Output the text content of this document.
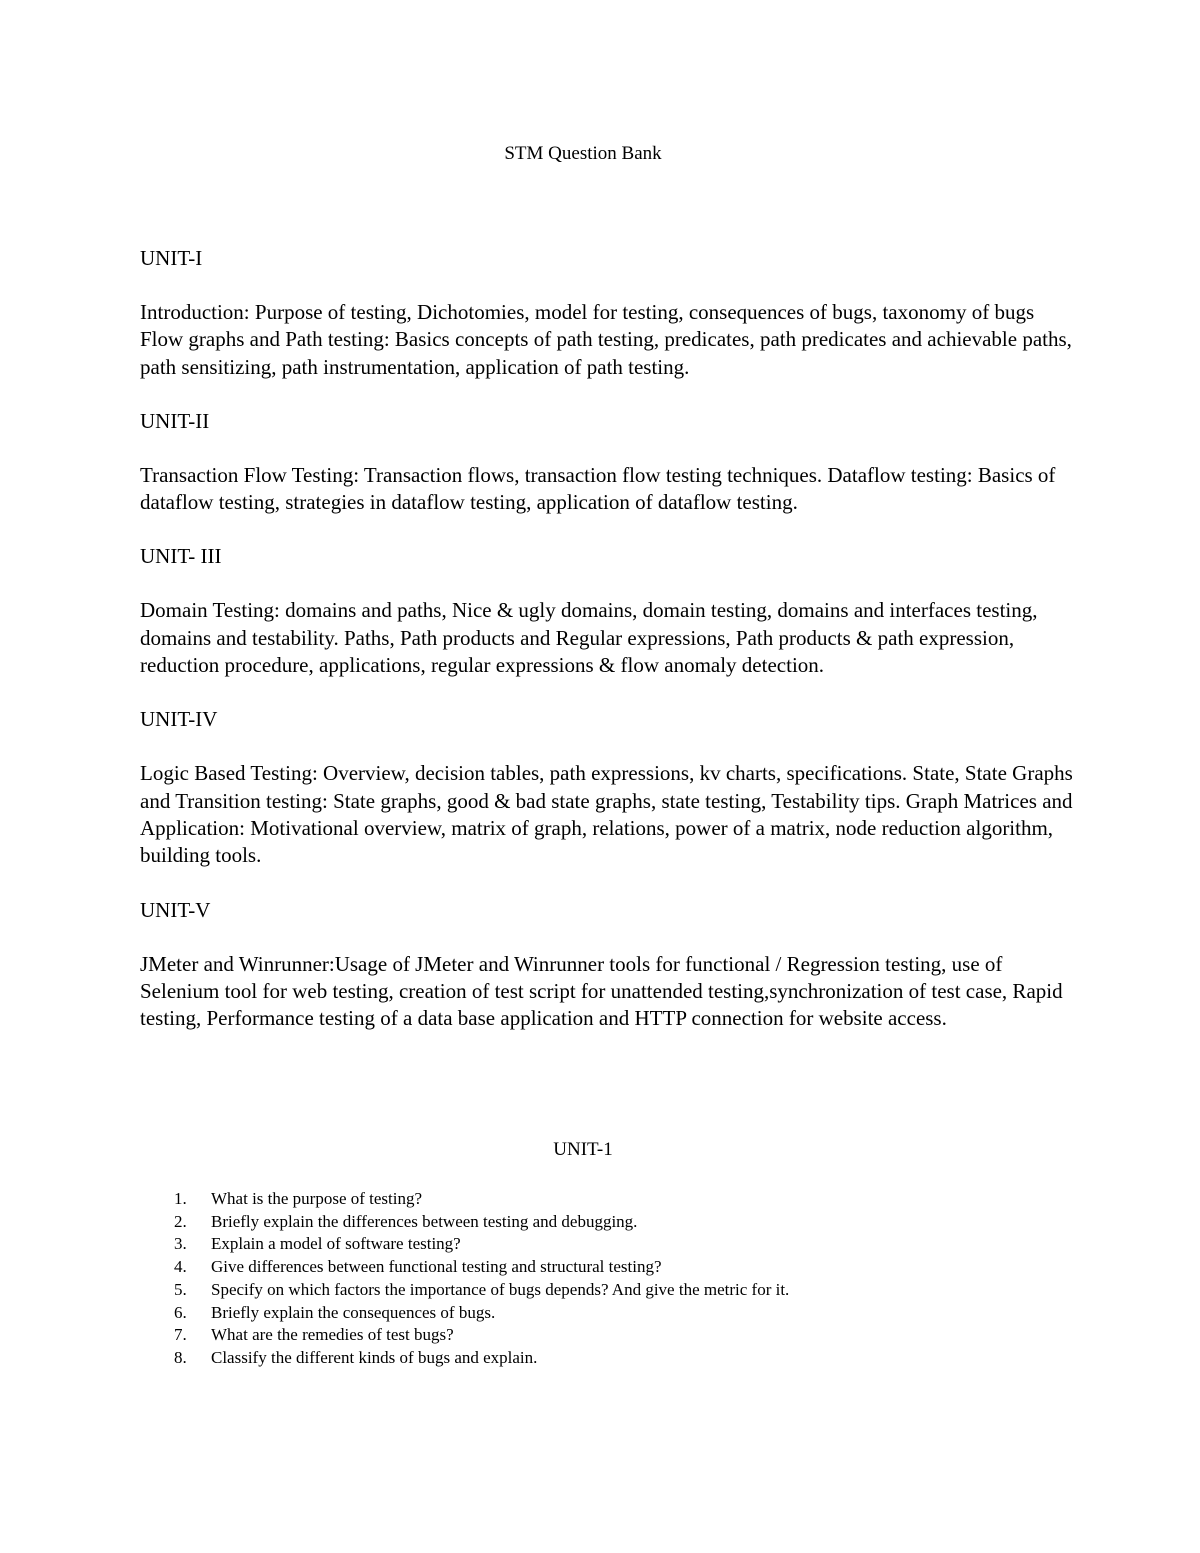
STM Question Bank

UNIT-I

Introduction: Purpose of testing, Dichotomies, model for testing, consequences of bugs, taxonomy of bugs Flow graphs and Path testing: Basics concepts of path testing, predicates, path predicates and achievable paths, path sensitizing, path instrumentation, application of path testing.

UNIT-II

Transaction Flow Testing: Transaction flows, transaction flow testing techniques. Dataflow testing: Basics of dataflow testing, strategies in dataflow testing, application of dataflow testing.

UNIT- III

Domain Testing: domains and paths, Nice & ugly domains, domain testing, domains and interfaces testing, domains and testability. Paths, Path products and Regular expressions, Path products & path expression, reduction procedure, applications, regular expressions & flow anomaly detection.

UNIT-IV

Logic Based Testing: Overview, decision tables, path expressions, kv charts, specifications. State, State Graphs and Transition testing: State graphs, good & bad state graphs, state testing, Testability tips. Graph Matrices and Application: Motivational overview, matrix of graph, relations, power of a matrix, node reduction algorithm, building tools.

UNIT-V

JMeter and Winrunner:Usage of JMeter and Winrunner tools for functional / Regression testing, use of Selenium tool for web testing, creation of test script for unattended testing,synchronization of test case, Rapid testing, Performance testing of a data base application and HTTP connection for website access.

UNIT-1
1.	What is the purpose of testing?
2.	Briefly explain the differences between testing and debugging.
3.	Explain a model of software testing?
4.	Give differences between functional testing and structural testing?
5.	Specify on which factors the importance of bugs depends? And give the metric for it.
6.	Briefly explain the consequences of bugs.
7.	What are the remedies of test bugs?
8.	Classify the different kinds of bugs and explain.
